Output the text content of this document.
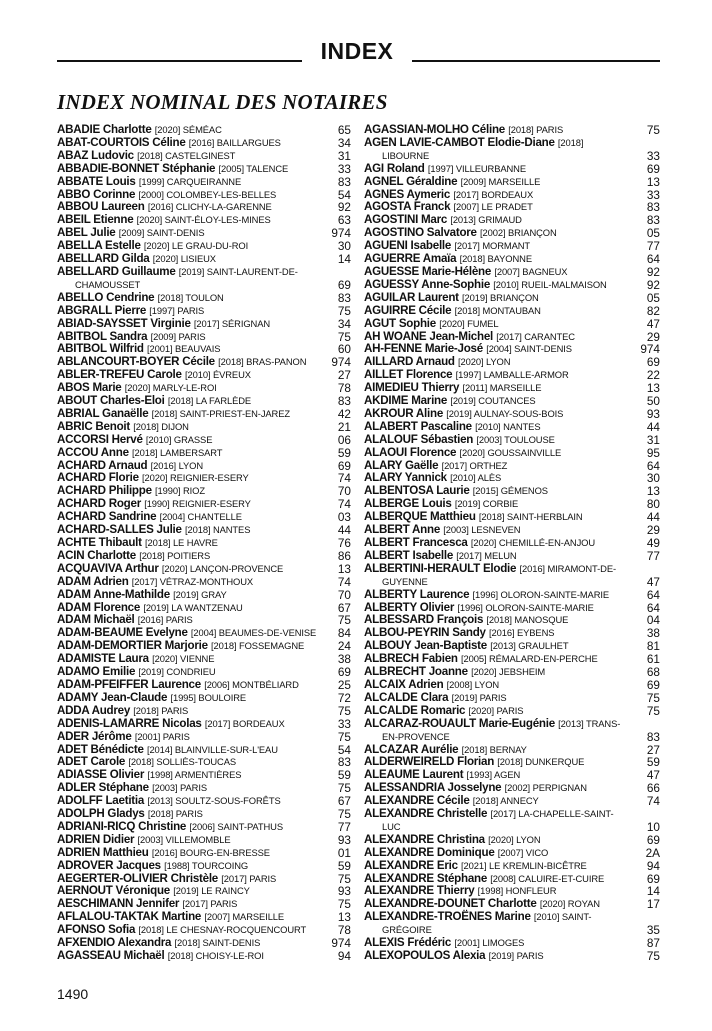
INDEX
INDEX NOMINAL DES NOTAIRES
ABADIE Charlotte [2020] SÉMÉAC	65
ABAT-COURTOIS Céline [2016] BAILLARGUES	34
ABAZ Ludovic [2018] CASTELGINEST	31
ABBADIE-BONNET Stéphanie [2005] TALENCE	33
ABBATE Louis [1999] CARQUEIRANNE	83
ABBO Corinne [2000] COLOMBEY-LES-BELLES	54
ABBOU Laureen [2016] CLICHY-LA-GARENNE	92
ABEIL Etienne [2020] SAINT-ÉLOY-LES-MINES	63
ABEL Julie [2009] SAINT-DENIS	974
ABELLA Estelle [2020] LE GRAU-DU-ROI	30
ABELLARD Gilda [2020] LISIEUX	14
ABELLARD Guillaume [2019] SAINT-LAURENT-DE-
CHAMOUSSET	69
ABELLO Cendrine [2018] TOULON	83
ABGRALL Pierre [1997] PARIS	75
ABIAD-SAYSSET Virginie [2017] SÉRIGNAN	34
ABITBOL Sandra [2009] PARIS	75
ABITBOL Wilfrid [2001] BEAUVAIS	60
ABLANCOURT-BOYER Cécile [2018] BRAS-PANON	974
ABLER-TREFEU Carole [2010] ÉVREUX	27
ABOS Marie [2020] MARLY-LE-ROI	78
ABOUT Charles-Eloi [2018] LA FARLÈDE	83
ABRIAL Ganaëlle [2018] SAINT-PRIEST-EN-JAREZ	42
ABRIC Benoit [2018] DIJON	21
ACCORSI Hervé [2010] GRASSE	06
ACCOU Anne [2018] LAMBERSART	59
ACHARD Arnaud [2016] LYON	69
ACHARD Florie [2020] REIGNIER-ESERY	74
ACHARD Philippe [1990] RIOZ	70
ACHARD Roger [1990] REIGNIER-ESERY	74
ACHARD Sandrine [2004] CHANTELLE	03
ACHARD-SALLES Julie [2018] NANTES	44
ACHTE Thibault [2018] LE HAVRE	76
ACIN Charlotte [2018] POITIERS	86
ACQUAVIVA Arthur [2020] LANÇON-PROVENCE	13
ADAM Adrien [2017] VÉTRAZ-MONTHOUX	74
ADAM Anne-Mathilde [2019] GRAY	70
ADAM Florence [2019] LA WANTZENAU	67
ADAM Michaël [2016] PARIS	75
ADAM-BEAUME Evelyne [2004] BEAUMES-DE-VENISE	84
ADAM-DEMORTIER Marjorie [2018] FOSSEMAGNE	24
ADAMISTE Laura [2020] VIENNE	38
ADAMO Emilie [2019] CONDRIEU	69
ADAM-PFEIFFER Laurence [2006] MONTBÉLIARD	25
ADAMY Jean-Claude [1995] BOULOIRE	72
ADDA Audrey [2018] PARIS	75
ADENIS-LAMARRE Nicolas [2017] BORDEAUX	33
ADER Jérôme [2001] PARIS	75
ADET Bénédicte [2014] BLAINVILLE-SUR-L'EAU	54
ADET Carole [2018] SOLLIÈS-TOUCAS	83
ADIASSE Olivier [1998] ARMENTIÈRES	59
ADLER Stéphane [2003] PARIS	75
ADOLFF Laetitia [2013] SOULTZ-SOUS-FORÊTS	67
ADOLPH Gladys [2018] PARIS	75
ADRIANI-RICQ Christine [2006] SAINT-PATHUS	77
ADRIEN Didier [2003] VILLEMOMBLE	93
ADRIEN Matthieu [2016] BOURG-EN-BRESSE	01
ADROVER Jacques [1988] TOURCOING	59
AEGERTER-OLIVIER Christèle [2017] PARIS	75
AERNOUT Véronique [2019] LE RAINCY	93
AESCHIMANN Jennifer [2017] PARIS	75
AFLALOU-TAKTAK Martine [2007] MARSEILLE	13
AFONSO Sofia [2018] LE CHESNAY-ROCQUENCOURT	78
AFXENDIO Alexandra [2018] SAINT-DENIS	974
AGASSEAU Michaël [2018] CHOISY-LE-ROI	94
AGASSIAN-MOLHO Céline [2018] PARIS	75
AGEN LAVIE-CAMBOT Elodie-Diane [2018]
LIBOURNE	33
AGI Roland [1997] VILLEURBANNE	69
AGNEL Géraldine [2009] MARSEILLE	13
AGNES Aymeric [2017] BORDEAUX	33
AGOSTA Franck [2007] LE PRADET	83
AGOSTINI Marc [2013] GRIMAUD	83
AGOSTINO Salvatore [2002] BRIANÇON	05
AGUENI Isabelle [2017] MORMANT	77
AGUERRE Amaïa [2018] BAYONNE	64
AGUESSE Marie-Hélène [2007] BAGNEUX	92
AGUESSY Anne-Sophie [2010] RUEIL-MALMAISON	92
AGUILAR Laurent [2019] BRIANÇON	05
AGUIRRE Cécile [2018] MONTAUBAN	82
AGUT Sophie [2020] FUMEL	47
AH WOANE Jean-Michel [2017] CARANTEC	29
AH-FENNE Marie-José [2004] SAINT-DENIS	974
AILLARD Arnaud [2020] LYON	69
AILLET Florence [1997] LAMBALLE-ARMOR	22
AIMEDIEU Thierry [2011] MARSEILLE	13
AKDIME Marine [2019] COUTANCES	50
AKROUR Aline [2019] AULNAY-SOUS-BOIS	93
ALABERT Pascaline [2010] NANTES	44
ALALOUF Sébastien [2003] TOULOUSE	31
ALAOUI Florence [2020] GOUSSAINVILLE	95
ALARY Gaëlle [2017] ORTHEZ	64
ALARY Yannick [2010] ALÈS	30
ALBENTOSA Laurie [2015] GÉMENOS	13
ALBERGE Louis [2019] CORBIE	80
ALBERQUE Matthieu [2018] SAINT-HERBLAIN	44
ALBERT Anne [2003] LESNEVEN	29
ALBERT Francesca [2020] CHEMILLÉ-EN-ANJOU	49
ALBERT Isabelle [2017] MELUN	77
ALBERTINI-HERAULT Elodie [2016] MIRAMONT-DE-
GUYENNE	47
ALBERTY Laurence [1996] OLORON-SAINTE-MARIE	64
ALBERTY Olivier [1996] OLORON-SAINTE-MARIE	64
ALBESSARD François [2018] MANOSQUE	04
ALBOU-PEYRIN Sandy [2016] EYBENS	38
ALBOUY Jean-Baptiste [2013] GRAULHET	81
ALBRECH Fabien [2005] RÉMALARD-EN-PERCHE	61
ALBRECHT Joanne [2020] JEBSHEIM	68
ALCAIX Adrien [2008] LYON	69
ALCALDE Clara [2019] PARIS	75
ALCALDE Romaric [2020] PARIS	75
ALCARAZ-ROUAULT Marie-Eugénie [2013] TRANS-
EN-PROVENCE	83
ALCAZAR Aurélie [2018] BERNAY	27
ALDERWEIRELD Florian [2018] DUNKERQUE	59
ALEAUME Laurent [1993] AGEN	47
ALESSANDRIA Josselyne [2002] PERPIGNAN	66
ALEXANDRE Cécile [2018] ANNECY	74
ALEXANDRE Christelle [2017] LA-CHAPELLE-SAINT-
LUC	10
ALEXANDRE Christina [2020] LYON	69
ALEXANDRE Dominique [2007] VICO	2A
ALEXANDRE Eric [2021] LE KREMLIN-BICÊTRE	94
ALEXANDRE Stéphane [2008] CALUIRE-ET-CUIRE	69
ALEXANDRE Thierry [1998] HONFLEUR	14
ALEXANDRE-DOUNET Charlotte [2020] ROYAN	17
ALEXANDRE-TROËNES Marine [2010] SAINT-
GRÉGOIRE	35
ALEXIS Frédéric [2001] LIMOGES	87
ALEXOPOULOS Alexia [2019] PARIS	75
1490
